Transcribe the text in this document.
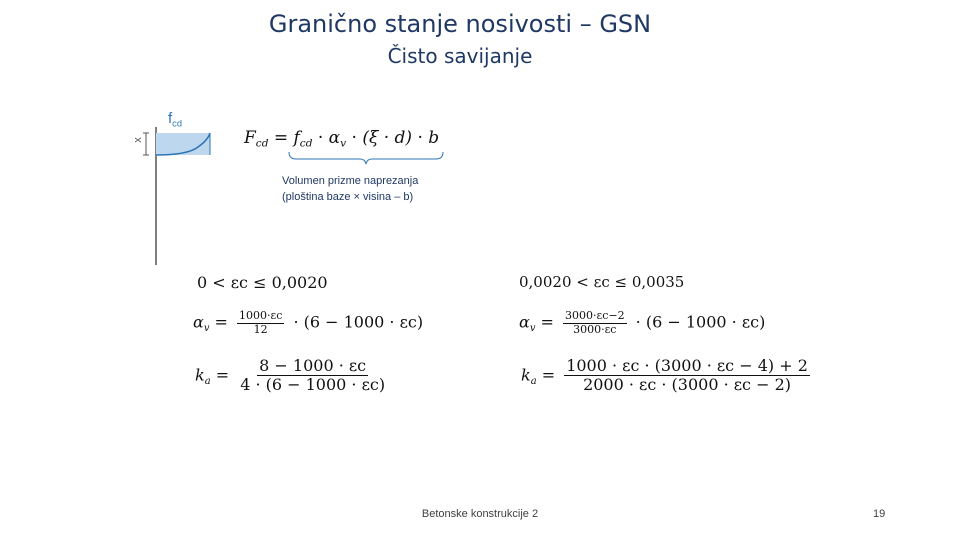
Granično stanje nosivosti – GSN
Čisto savijanje
$f_{cd}$
x	$F_{cd} = f_{cd} \cdot \alpha_v \cdot (\xi \cdot d) \cdot b$
Volumen prizme naprezanja
(ploština baze × visina – b)
0 < εc ≤ 0,0020
$\alpha_v = \frac{1000\cdot\varepsilon c}{12} \cdot (6 - 1000 \cdot \varepsilon c)$
$k_a = \frac{8 - 1000 \cdot \varepsilon c}{4 \cdot (6 - 1000 \cdot \varepsilon c)}$
0,0020 < εc ≤ 0,0035
$\alpha_v = \frac{3000\cdot\varepsilon c-2}{3000\cdot\varepsilon c} \cdot (6 - 1000 \cdot \varepsilon c)$
$k_a = \frac{1000 \cdot \varepsilon c \cdot (3000 \cdot \varepsilon c - 4) + 2}{2000 \cdot \varepsilon c \cdot (3000 \cdot \varepsilon c - 2)}$
Betonske konstrukcije 2	19
